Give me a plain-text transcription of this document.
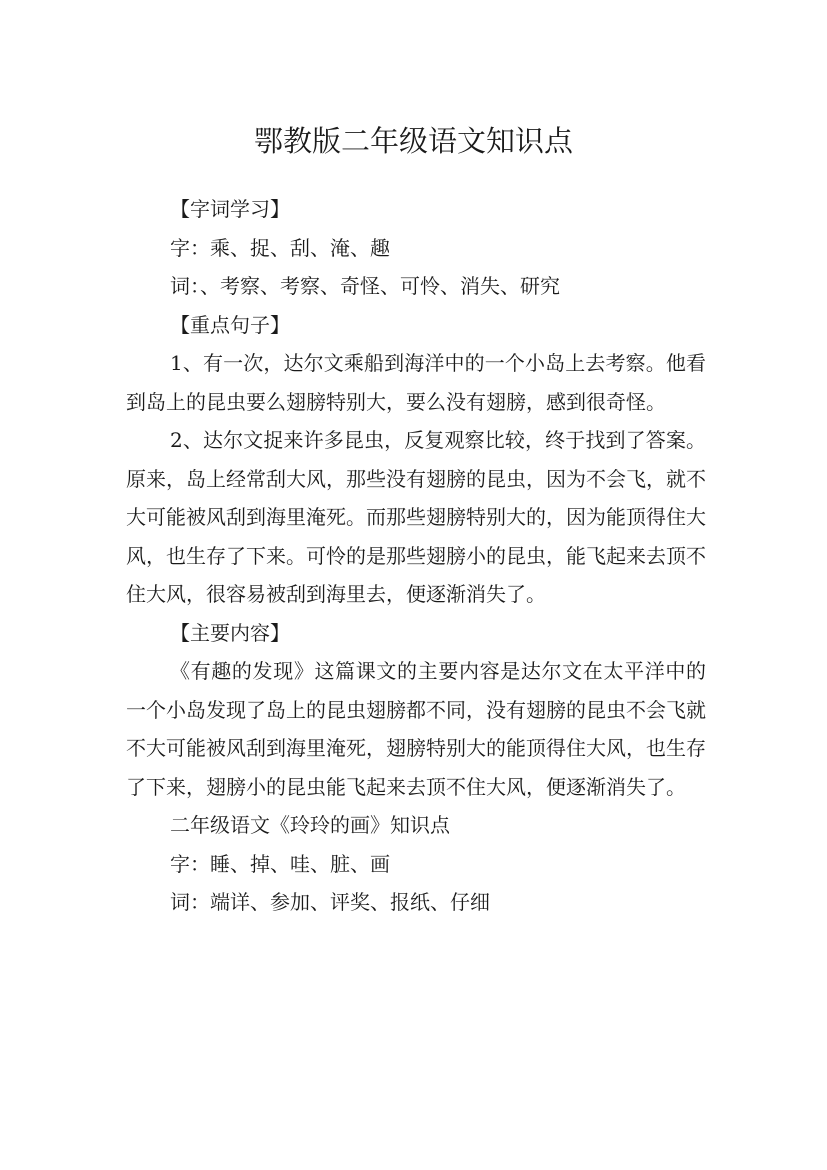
鄂教版二年级语文知识点

【字词学习】

字：乘、捉、刮、淹、趣

词：、考察、考察、奇怪、可怜、消失、研究

【重点句子】

1、有一次，达尔文乘船到海洋中的一个小岛上去考察。他看到岛上的昆虫要么翅膀特别大，要么没有翅膀，感到很奇怪。

2、达尔文捉来许多昆虫，反复观察比较，终于找到了答案。原来，岛上经常刮大风，那些没有翅膀的昆虫，因为不会飞，就不大可能被风刮到海里淹死。而那些翅膀特别大的，因为能顶得住大风，也生存了下来。可怜的是那些翅膀小的昆虫，能飞起来去顶不住大风，很容易被刮到海里去，便逐渐消失了。

【主要内容】

《有趣的发现》这篇课文的主要内容是达尔文在太平洋中的一个小岛发现了岛上的昆虫翅膀都不同，没有翅膀的昆虫不会飞就不大可能被风刮到海里淹死，翅膀特别大的能顶得住大风，也生存了下来，翅膀小的昆虫能飞起来去顶不住大风，便逐渐消失了。

二年级语文《玲玲的画》知识点

字：睡、掉、哇、脏、画

词：端详、参加、评奖、报纸、仔细
